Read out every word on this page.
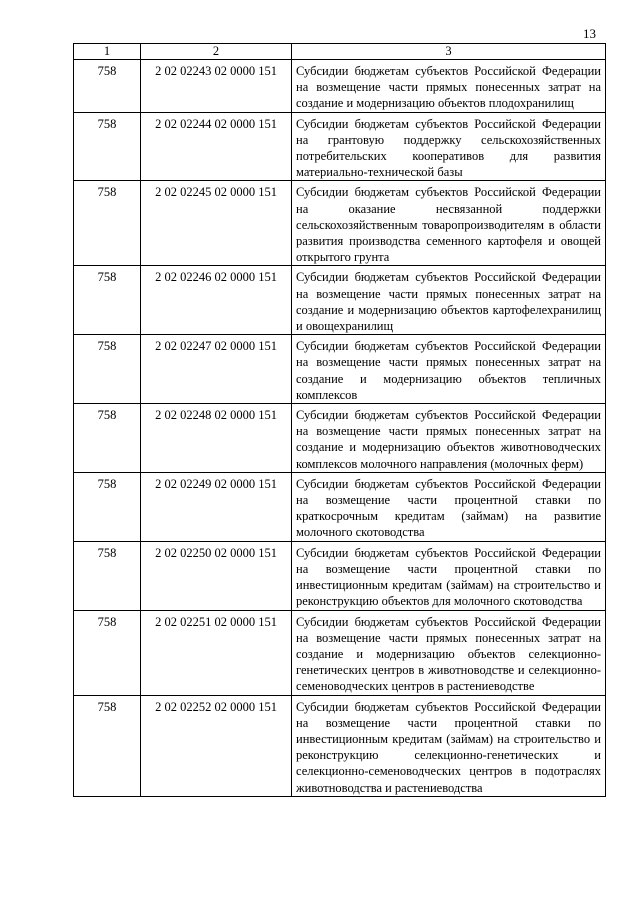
13
1	2	3
758	2 02 02243 02 0000 151	Субсидии бюджетам субъектов Российской Федерации на возмещение части прямых понесенных затрат на создание и модернизацию объектов плодохранилищ
758	2 02 02244 02 0000 151	Субсидии бюджетам субъектов Российской Федерации на грантовую поддержку сельскохозяйственных потребительских кооперативов для развития материально-технической базы
758	2 02 02245 02 0000 151	Субсидии бюджетам субъектов Российской Федерации на оказание несвязанной поддержки сельскохозяйственным товаропроизводителям в области развития производства семенного картофеля и овощей открытого грунта
758	2 02 02246 02 0000 151	Субсидии бюджетам субъектов Российской Федерации на возмещение части прямых понесенных затрат на создание и модернизацию объектов картофелехранилищ и овощехранилищ
758	2 02 02247 02 0000 151	Субсидии бюджетам субъектов Российской Федерации на возмещение части прямых понесенных затрат на создание и модернизацию объектов тепличных комплексов
758	2 02 02248 02 0000 151	Субсидии бюджетам субъектов Российской Федерации на возмещение части прямых понесенных затрат на создание и модернизацию объектов животноводческих комплексов молочного направления (молочных ферм)
758	2 02 02249 02 0000 151	Субсидии бюджетам субъектов Российской Федерации на возмещение части процентной ставки по краткосрочным кредитам (займам) на развитие молочного скотоводства
758	2 02 02250 02 0000 151	Субсидии бюджетам субъектов Российской Федерации на возмещение части процентной ставки по инвестиционным кредитам (займам) на строительство и реконструкцию объектов для молочного скотоводства
758	2 02 02251 02 0000 151	Субсидии бюджетам субъектов Российской Федерации на возмещение части прямых понесенных затрат на создание и модернизацию объектов селекционно-генетических центров в животноводстве и селекционно-семеноводческих центров в растениеводстве
758	2 02 02252 02 0000 151	Субсидии бюджетам субъектов Российской Федерации на возмещение части процентной ставки по инвестиционным кредитам (займам) на строительство и реконструкцию селекционно-генетических и селекционно-семеноводческих центров в подотраслях животноводства и растениеводства
